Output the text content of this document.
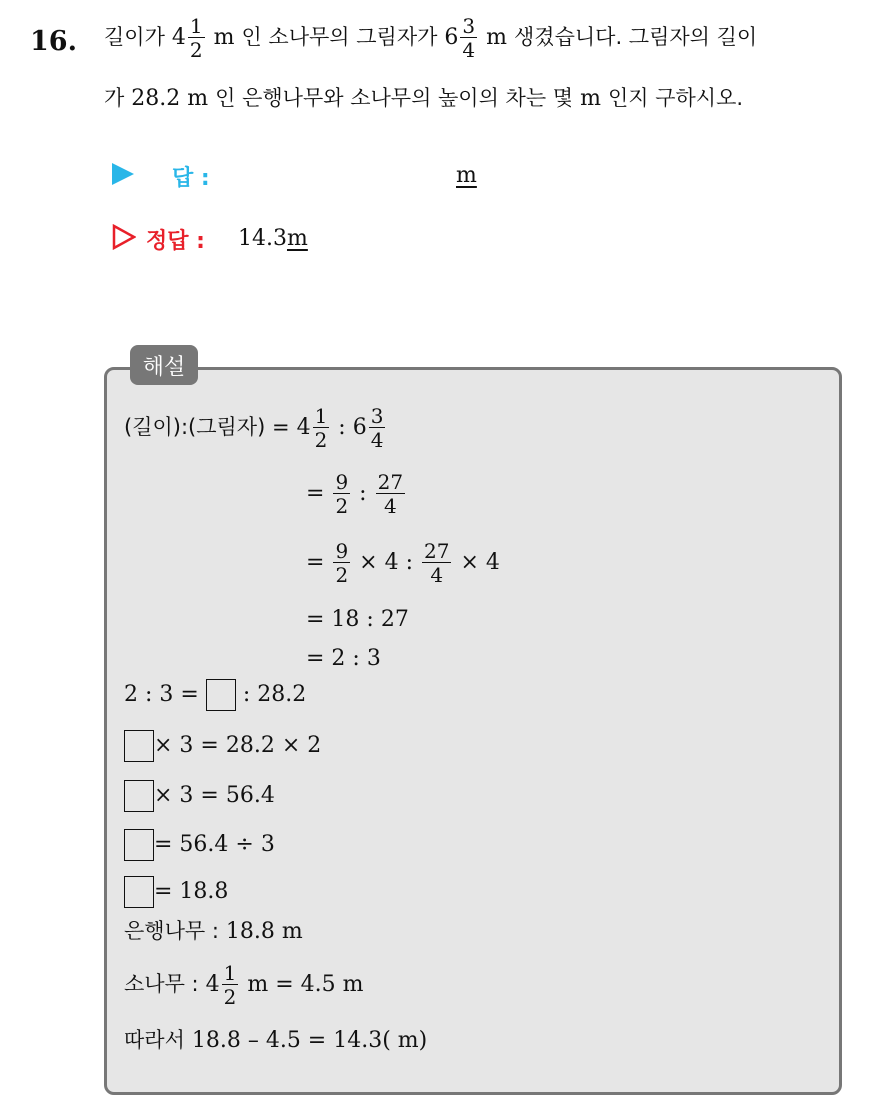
16. 길이가 $4 \frac{1}{2}$ m 인 소나무의 그림자가 $6 \frac{3}{4}$ m 생겼습니다. 그림자의 길이
가 28.2 m 인 은행나무와 소나무의 높이의 차는 몇 m 인지 구하시오.
답 :	m
정답 : 14.3m
해설
(길이):(그림자) = $4 \frac{1}{2}$ : $6 \frac{3}{4}$
= $\frac{9}{2}$ : $\frac{27}{4}$
= $\frac{9}{2} \times 4$ : $\frac{27}{4} \times 4$
= 18 : 27
= 2 : 3
2 : 3 = : 28.2
× 3 = 28.2 × 2
× 3 = 56.4
= 56.4 ÷ 3
= 18.8
은행나무 : 18.8 m
소나무 : $4 \frac{1}{2}$ m = 4.5 m
따라서 18.8 – 4.5 = 14.3( m)
